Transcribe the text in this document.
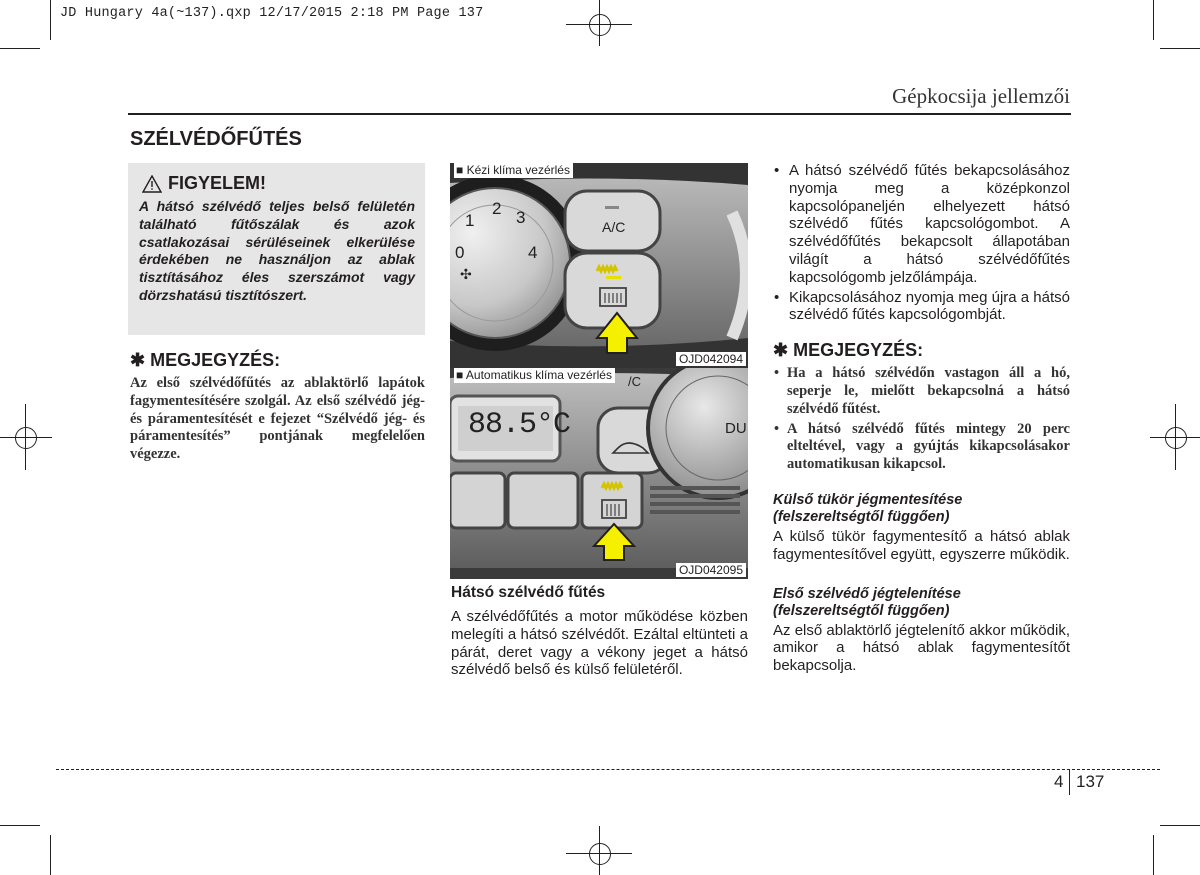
JD Hungary 4a(~137).qxp 12/17/2015 2:18 PM Page 137
Gépkocsija jellemzői
SZÉLVÉDŐFŰTÉS
FIGYELEM!
A hátsó szélvédő teljes belső felületén található fűtőszálak és azok csatlakozásai sérüléseinek elkerülése érdekében ne használjon az ablak tisztításához éles szerszámot vagy dörzshatású tisztítószert.
✱ MEGJEGYZÉS:
Az első szélvédőfűtés az ablaktörlő lapátok fagymentesítésére szolgál. Az első szélvédő jég- és páramentesítését e fejezet “Szélvédő jég- és páramentesítés” pontjának megfelelően végezze.
■ Kézi klíma vezérlés
1
2 3
0	4
✣
A/C
OJD042094
■ Automatikus klíma vezérlés
88.5°C
/C
DU
OJD042095
Hátsó szélvédő fűtés
A szélvédőfűtés a motor működése közben melegíti a hátsó szélvédőt. Ezáltal eltünteti a párát, deret vagy a vékony jeget a hátsó szélvédő belső és külső felületéről.
• A hátsó szélvédő fűtés bekapcsolásához nyomja meg a középkonzol kapcsolópaneljén elhelyezett hátsó szélvédő fűtés kapcsológombot. A szélvédőfűtés bekapcsolt állapotában világít a hátsó szélvédőfűtés kapcsológomb jelzőlámpája.
• Kikapcsolásához nyomja meg újra a hátsó szélvédő fűtés kapcsológombját.
✱ MEGJEGYZÉS:
• Ha a hátsó szélvédőn vastagon áll a hó, seperje le, mielőtt bekapcsolná a hátsó szélvédő fűtést.
• A hátsó szélvédő fűtés mintegy 20 perc elteltével, vagy a gyújtás kikapcsolásakor automatikusan kikapcsol.
Külső tükör jégmentesítése (felszereltségtől függően)
A külső tükör fagymentesítő a hátsó ablak fagymentesítővel együtt, egyszerre működik.
Első szélvédő jégtelenítése (felszereltségtől függően)
Az első ablaktörlő jégtelenítő akkor működik, amikor a hátsó ablak fagymentesítőt bekapcsolja.
4 137
